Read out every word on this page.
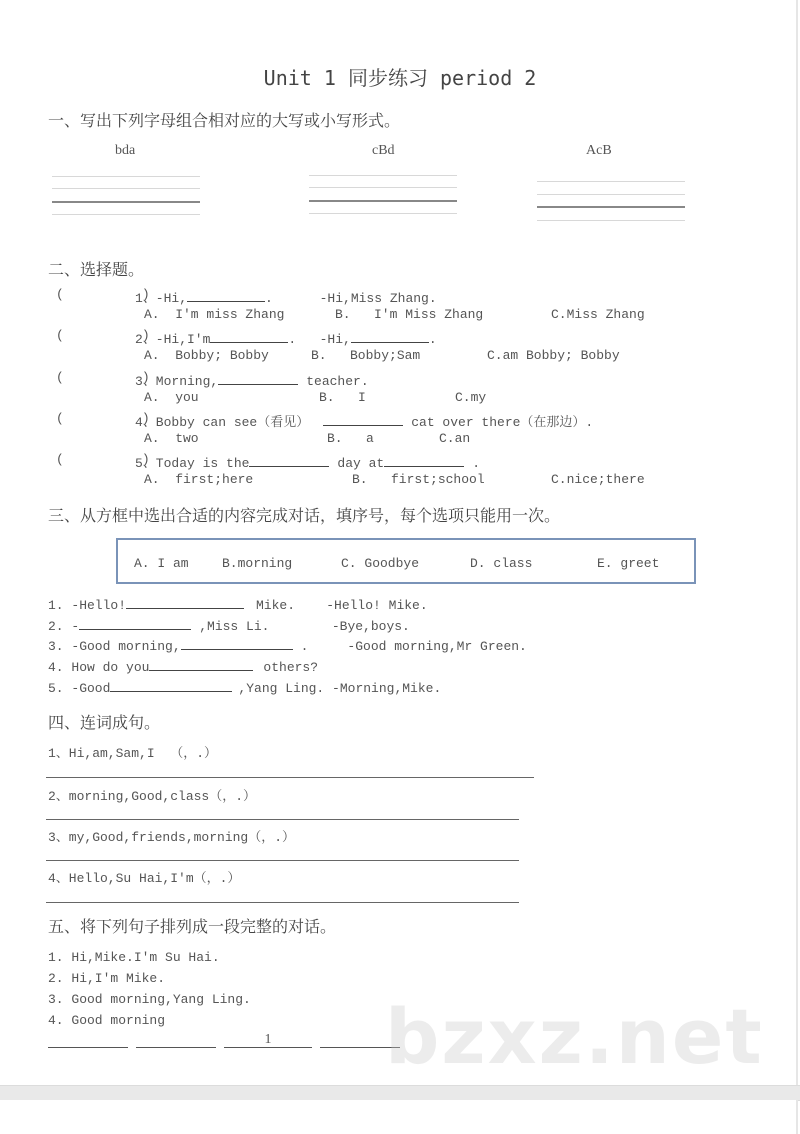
Unit 1 同步练习 period 2
一、写出下列字母组合相对应的大写或小写形式。
bda	cBd	AcB
二、选择题。
(          )
1、-Hi,	.      -Hi,Miss Zhang.
A.  I'm miss Zhang	B.   I'm Miss Zhang	C.Miss Zhang
(          )
2、-Hi,I'm	.   -Hi,	.
A.  Bobby; Bobby	B.   Bobby;Sam	C.am Bobby; Bobby
(          )
3、Morning,	teacher.
A.  you	B.   I	C.my
(          )
4、Bobby can see（看见）	cat over there（在那边）.
A.  two	B.   a	C.an
(          )
5、Today is the	day at	.
A.  first;here	B.   first;school	C.nice;there
三、从方框中选出合适的内容完成对话，填序号，每个选项只能用一次。
A. I am	B.morning	C. Goodbye	D. class	E. greet
1. -Hello!	Mike.    -Hello! Mike.
2. -	,Miss Li.        -Bye,boys.
3. -Good morning,	.     -Good morning,Mr Green.
4. How do you	others?
5. -Good	,Yang Ling. -Morning,Mike.
四、连词成句。
1、Hi,am,Sam,I  （，.）
2、morning,Good,class（，.）
3、my,Good,friends,morning（，.）
4、Hello,Su Hai,I'm（，.）
五、将下列句子排列成一段完整的对话。
1. Hi,Mike.I'm Su Hai.
2. Hi,I'm Mike.
3. Good morning,Yang Ling.
4. Good morning
1	bzxz.net
